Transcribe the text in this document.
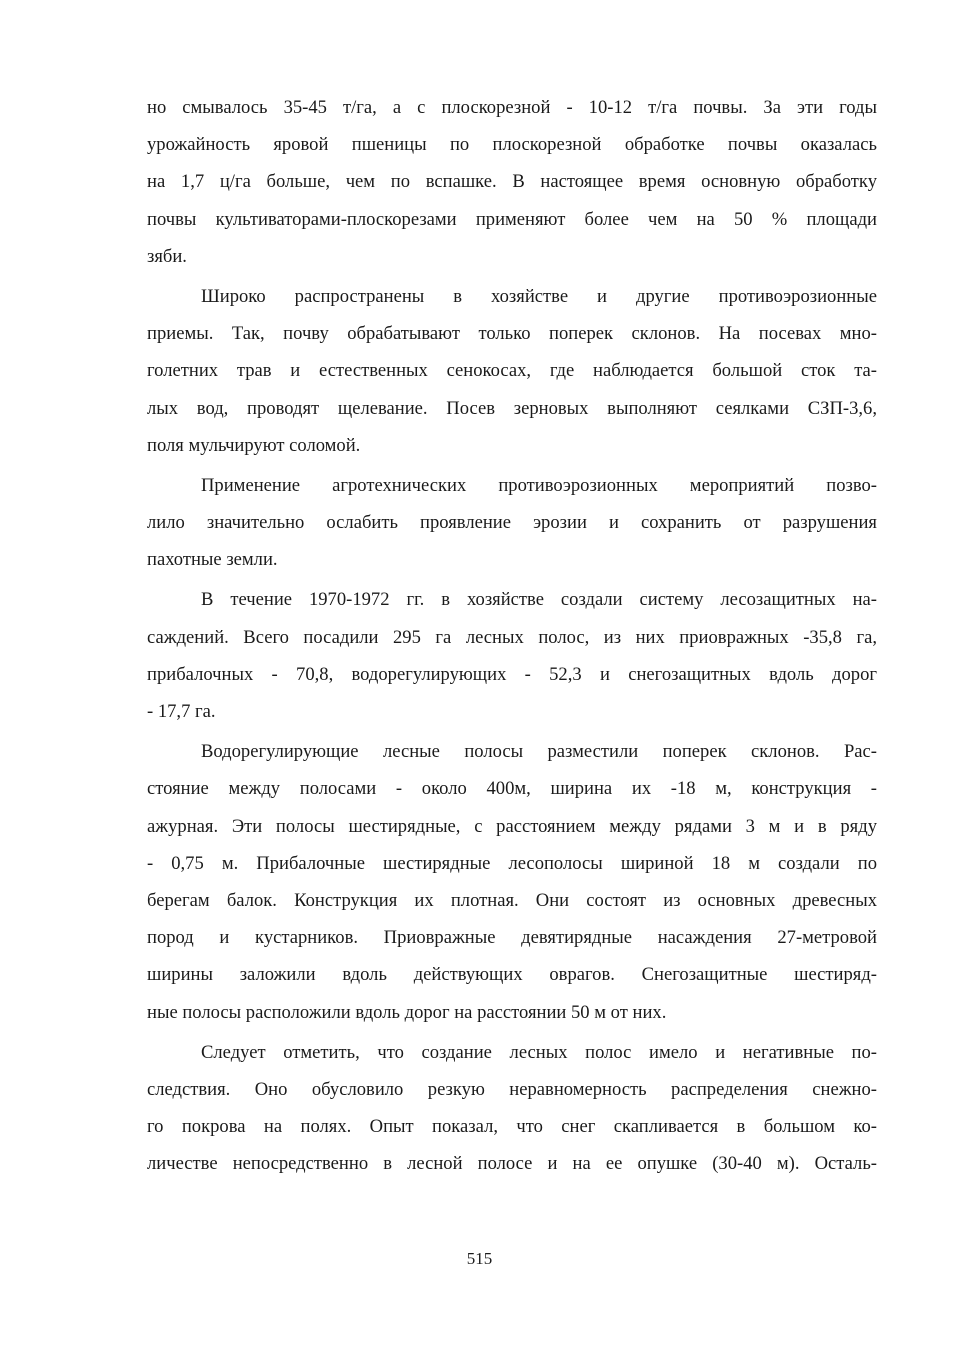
но смывалось 35-45 т/га, а с плоскорезной - 10-12 т/га почвы. За эти годы
урожайность яровой пшеницы по плоскорезной обработке почвы оказалась
на 1,7 ц/га больше, чем по вспашке. В настоящее время основную обработку
почвы культиваторами-плоскорезами применяют более чем на 50 % площади
зяби.
Широко распространены в хозяйстве и другие противоэрозионные
приемы. Так, почву обрабатывают только поперек склонов. На посевах мно-
голетних трав и естественных сенокосах, где наблюдается большой сток та-
лых вод, проводят щелевание. Посев зерновых выполняют сеялками СЗП-3,6,
поля мульчируют соломой.
Применение агротехнических противоэрозионных мероприятий позво-
лило значительно ослабить проявление эрозии и сохранить от разрушения
пахотные земли.
В течение 1970-1972 гг. в хозяйстве создали систему лесозащитных на-
саждений. Всего посадили 295 га лесных полос, из них приовражных -35,8 га,
прибалочных - 70,8, водорегулирующих - 52,3 и снегозащитных вдоль дорог
- 17,7 га.
Водорегулирующие лесные полосы разместили поперек склонов. Рас-
стояние между полосами - около 400м, ширина их -18 м, конструкция -
ажурная. Эти полосы шестирядные, с расстоянием между рядами 3 м и в ряду
- 0,75 м. Прибалочные шестирядные лесополосы шириной 18 м создали по
берегам балок. Конструкция их плотная. Они состоят из основных древесных
пород и кустарников. Приовражные девятирядные насаждения 27-метровой
ширины заложили вдоль действующих оврагов. Снегозащитные шестиряд-
ные полосы расположили вдоль дорог на расстоянии 50 м от них.
Следует отметить, что создание лесных полос имело и негативные по-
следствия. Оно обусловило резкую неравномерность распределения снежно-
го покрова на полях. Опыт показал, что снег скапливается в большом ко-
личестве непосредственно в лесной полосе и на ее опушке (30-40 м). Осталь-
515
